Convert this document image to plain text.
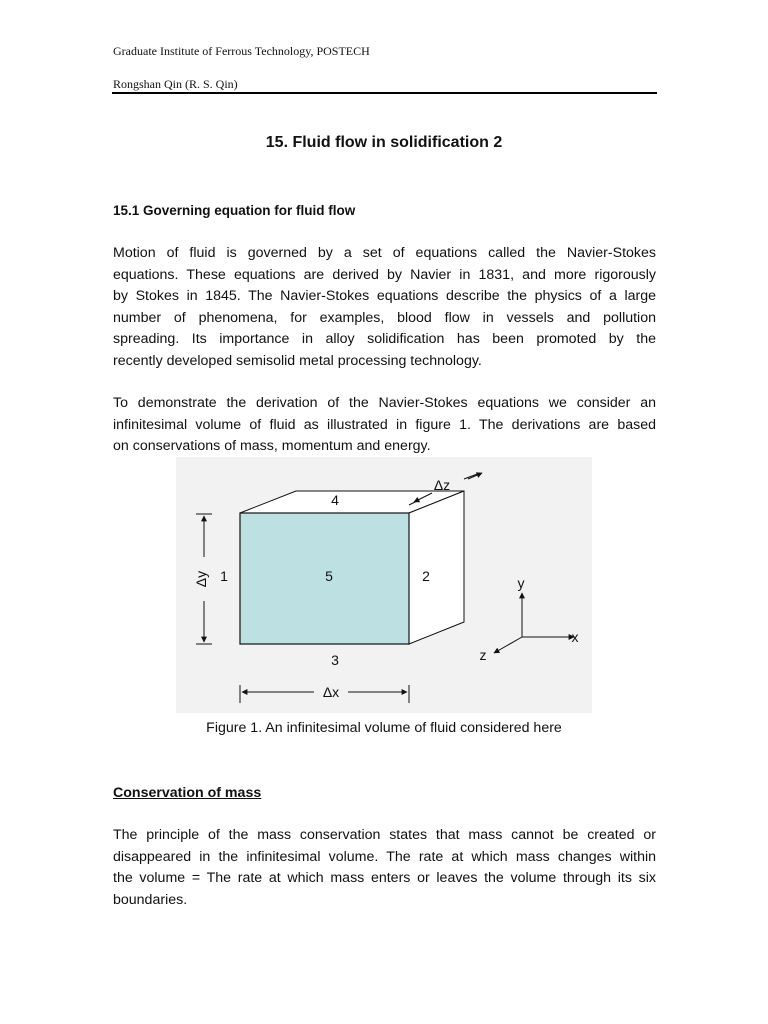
Graduate Institute of Ferrous Technology, POSTECH
Rongshan Qin (R. S. Qin)
15. Fluid flow in solidification 2
15.1 Governing equation for fluid flow

Motion of fluid is governed by a set of equations called the Navier-Stokes
equations. These equations are derived by Navier in 1831, and more rigorously
by Stokes in 1845. The Navier-Stokes equations describe the physics of a large
number of phenomena, for examples, blood flow in vessels and pollution
spreading. Its importance in alloy solidification has been promoted by the
recently developed semisolid metal processing technology.

To demonstrate the derivation of the Navier-Stokes equations we consider an
infinitesimal volume of fluid as illustrated in figure 1. The derivations are based
on conservations of mass, momentum and energy.

4
1	5	2
3
Δy
Δx
Δz
y
x
z
Figure 1. An infinitesimal volume of fluid considered here
Conservation of mass

The principle of the mass conservation states that mass cannot be created or
disappeared in the infinitesimal volume. The rate at which mass changes within
the volume = The rate at which mass enters or leaves the volume through its six
boundaries.
